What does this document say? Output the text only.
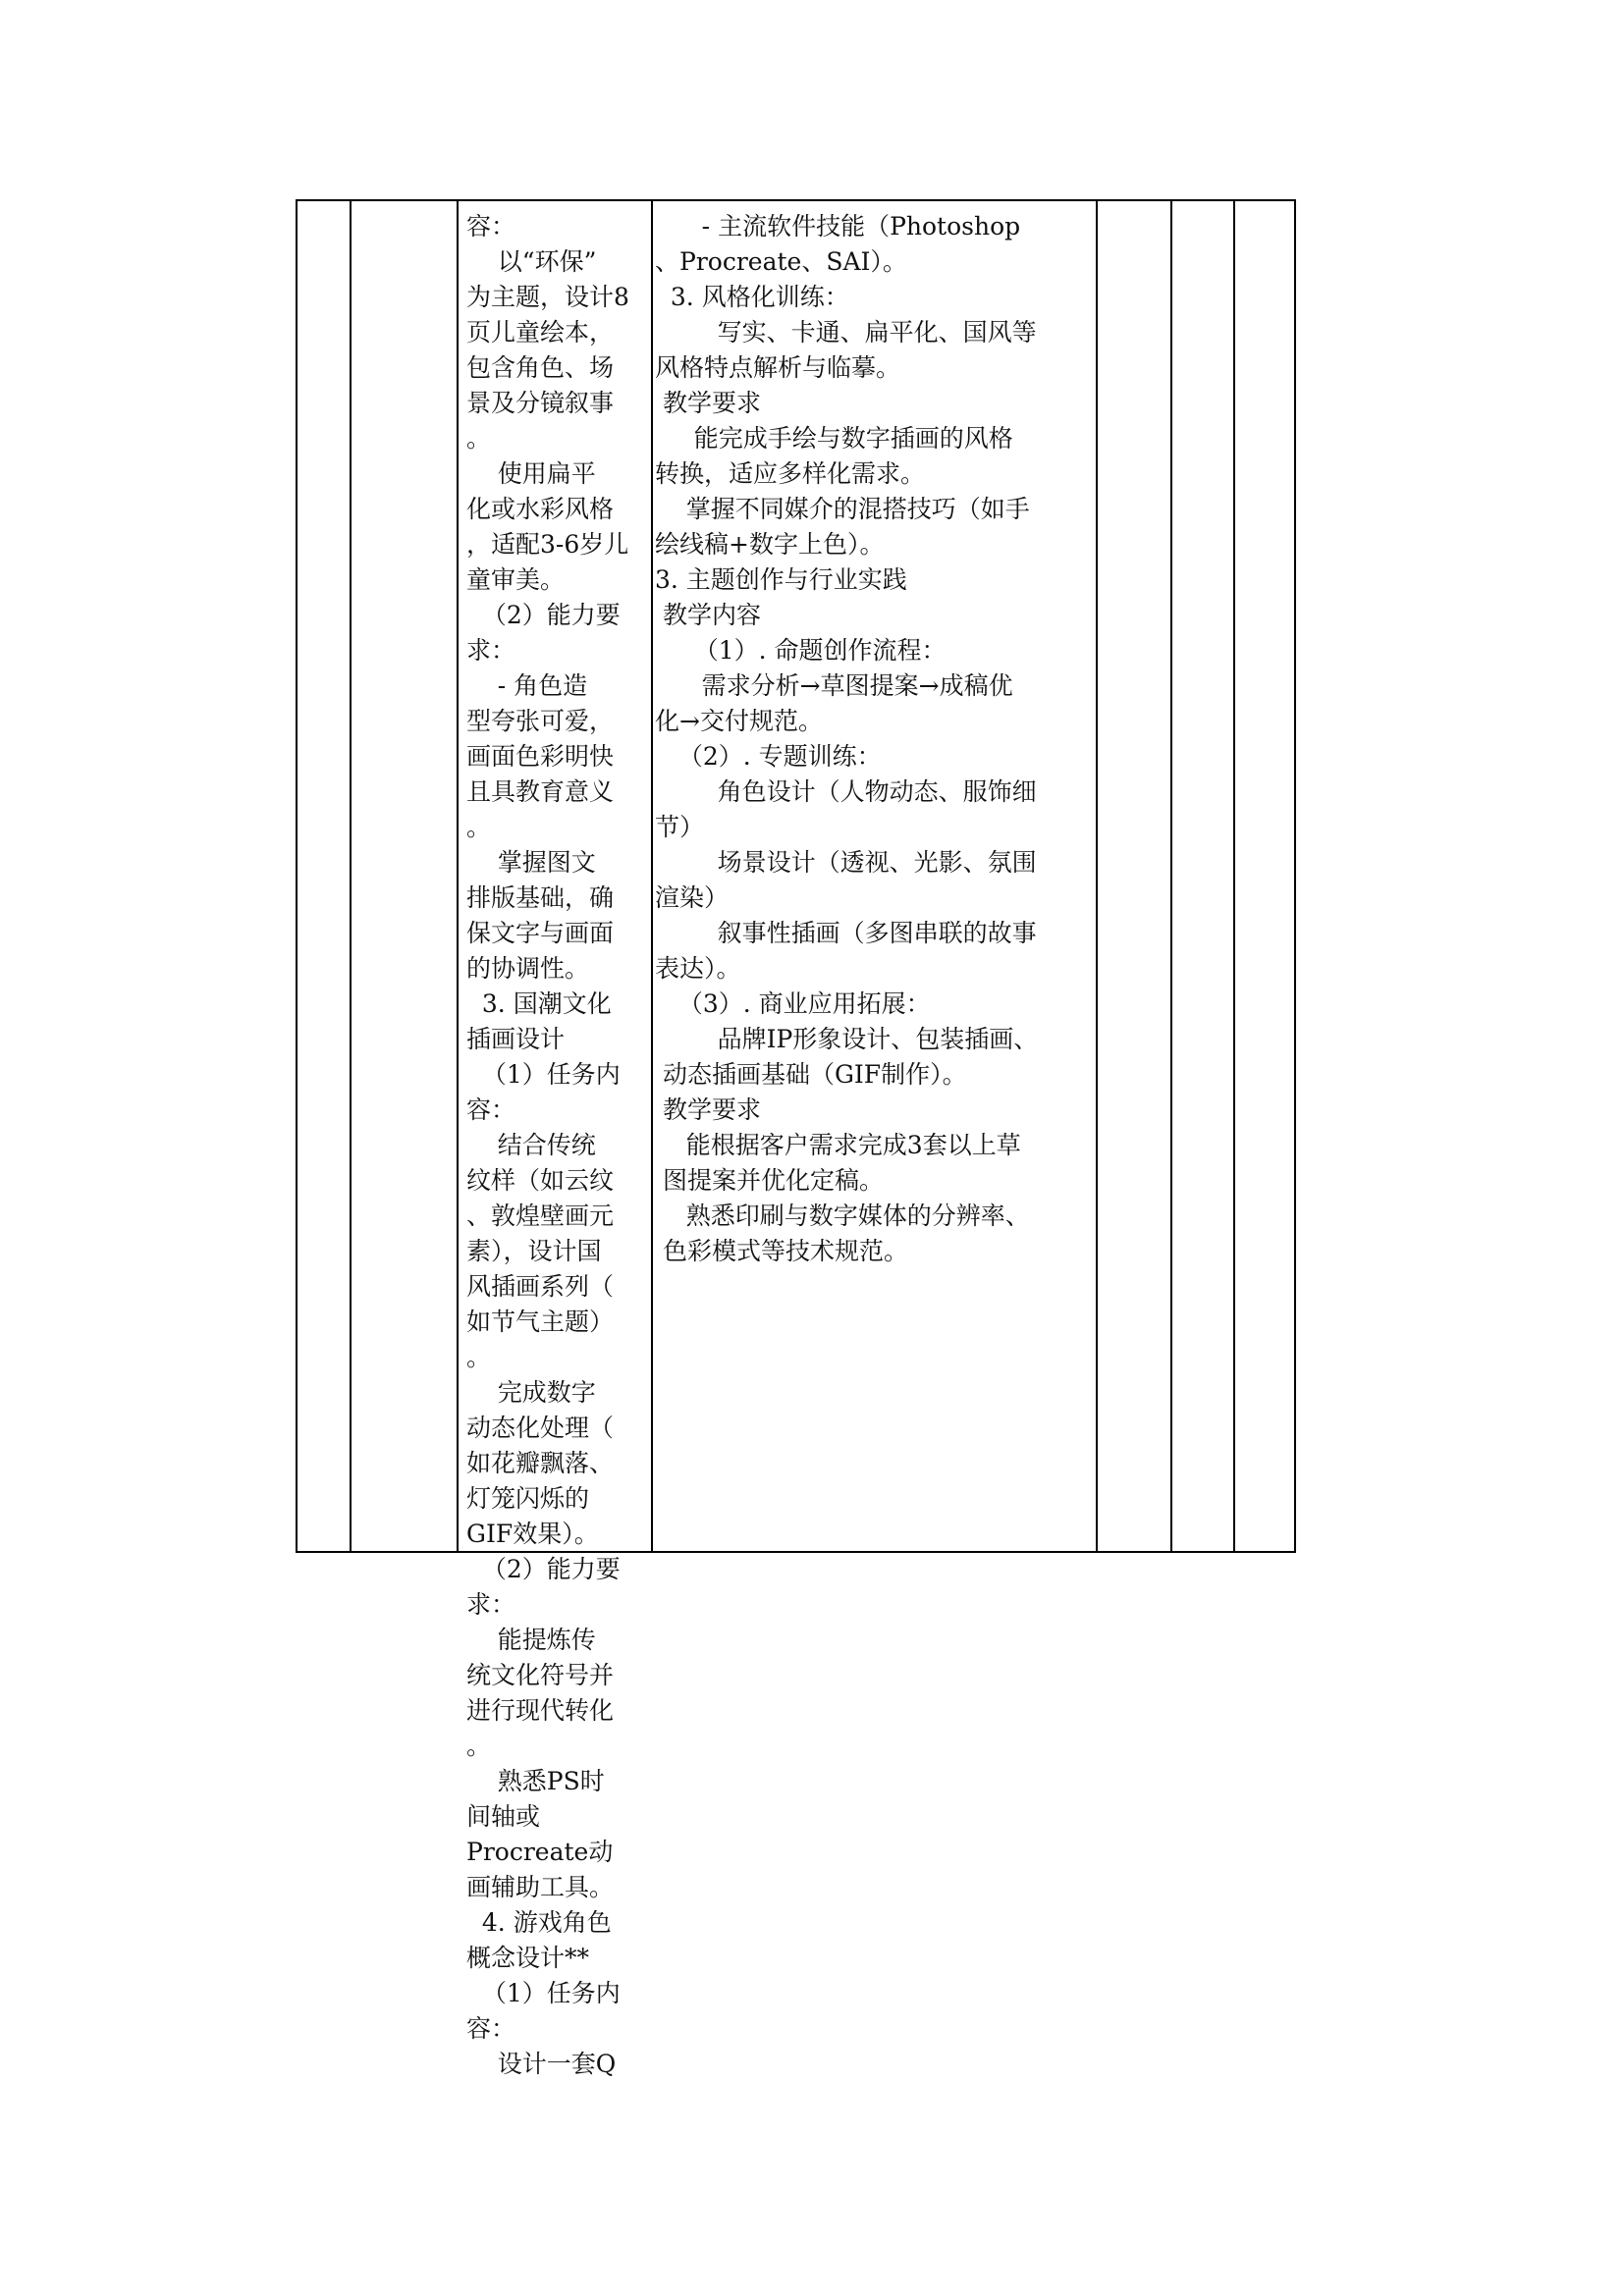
容：

以“环保”

为主题，设计8

页儿童绘本，

包含角色、场

景及分镜叙事

。

使用扁平

化或水彩风格

，适配3-6岁儿

童审美。

（2）能力要

求：

- 角色造

型夸张可爱，

画面色彩明快

且具教育意义

。

掌握图文

排版基础，确

保文字与画面

的协调性。

3. 国潮文化

插画设计

（1）任务内

容：

结合传统

纹样（如云纹

、敦煌壁画元

素），设计国

风插画系列（

如节气主题）

。

完成数字

动态化处理（

如花瓣飘落、

灯笼闪烁的

GIF效果）。

（2）能力要

求：

能提炼传

统文化符号并

进行现代转化

。

熟悉PS时

间轴或

Procreate动

画辅助工具。

4. 游戏角色

概念设计**

（1）任务内

容：

设计一套Q

- 主流软件技能（Photoshop

、Procreate、SAI）。

3. 风格化训练：

写实、卡通、扁平化、国风等

风格特点解析与临摹。

教学要求

能完成手绘与数字插画的风格

转换，适应多样化需求。

掌握不同媒介的混搭技巧（如手

绘线稿+数字上色）。

3. 主题创作与行业实践

教学内容

（1）. 命题创作流程：

需求分析→草图提案→成稿优

化→交付规范。

（2）. 专题训练：

角色设计（人物动态、服饰细

节）

场景设计（透视、光影、氛围

渲染）

叙事性插画（多图串联的故事

表达）。

（3）. 商业应用拓展：

品牌IP形象设计、包装插画、

动态插画基础（GIF制作）。

教学要求

能根据客户需求完成3套以上草

图提案并优化定稿。

熟悉印刷与数字媒体的分辨率、

色彩模式等技术规范。
